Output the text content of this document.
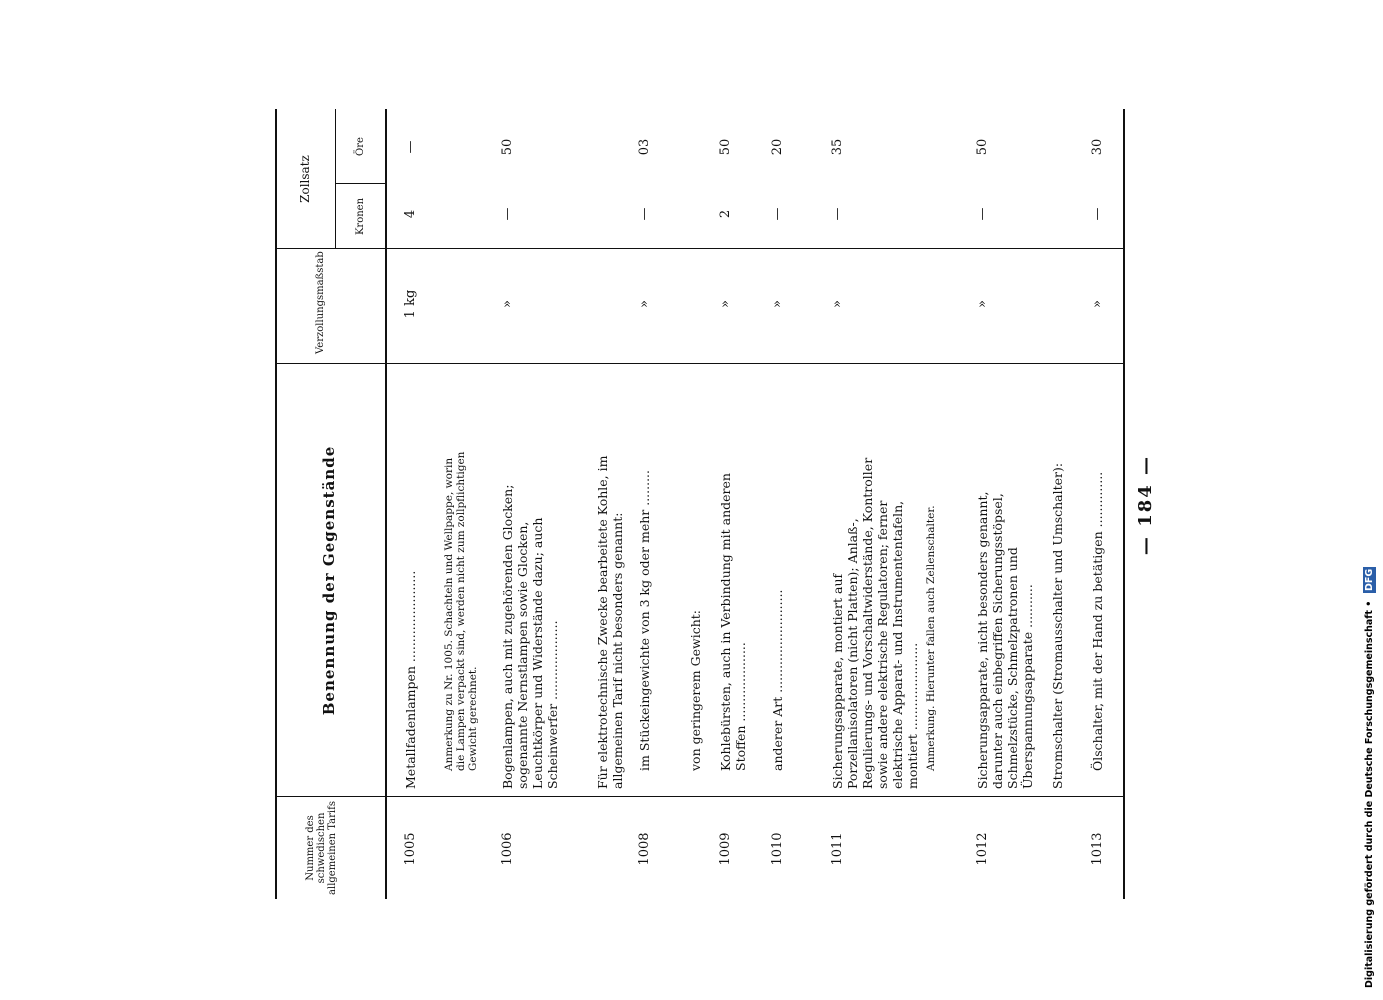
— 184 —
Nummer des schwedischen allgemeinen Tarifs
Benennung der Gegenstände
Verzollungsmaßstab
Zollsatz
Kronen
Öre
1005
Metallfadenlampen .......................
1 kg
4
—
Anmerkung zu Nr. 1005. Schachteln und Wellpappe, worin die Lampen verpackt sind, werden nicht zum zollpflichtigen Gewicht gerechnet.
1006
Bogenlampen, auch mit zugehörenden Glocken; sogenannte Nernstlampen sowie Glocken, Leuchtkörper und Widerstände dazu; auch Scheinwerfer ....................
»
—
50
Für elektrotechnische Zwecke bearbeitete Kohle, im allgemeinen Tarif nicht besonders genannt:
1008
im Stückeingewichte von 3 kg oder mehr .........
»
—
03
von geringerem Gewicht:
1009
Kohlebürsten, auch in Verbindung mit anderen Stoffen ....................
»
2
50
1010
anderer Art ..........................
»
—
20
1011
Sicherungsapparate, montiert auf Porzellanisolatoren (nicht Platten); Anlaß-, Regulierungs- und Vorschaltwiderstände, Kontroller sowie andere elektrische Regulatoren; ferner elektrische Apparat- und Instrumententafeln, montiert ......................
»
—
35
Anmerkung. Hierunter fallen auch Zellenschalter.
1012
Sicherungsapparate, nicht besonders genannt, darunter auch einbegriffen Sicherungsstöpsel, Schmelzstücke, Schmelzpatronen und Überspannungsapparate ...........
»
—
50
Stromschalter (Stromausschalter und Umschalter):
1013
Ölschalter, mit der Hand zu betätigen ..............
»
—
30
Digitalisierung gefördert durch die Deutsche Forschungsgemeinschaft • DFG
